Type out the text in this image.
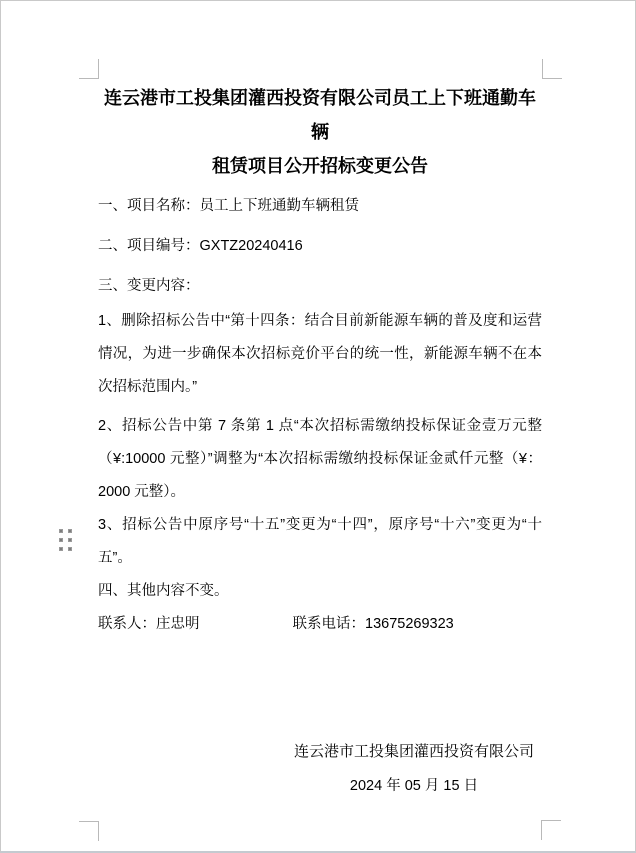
连云港市工投集团灌西投资有限公司员工上下班通勤车辆
租赁项目公开招标变更公告

一、项目名称：员工上下班通勤车辆租赁

二、项目编号：GXTZ20240416

三、变更内容：

1、删除招标公告中“第十四条：结合目前新能源车辆的普及度和运营情况，为进一步确保本次招标竞价平台的统一性，新能源车辆不在本次招标范围内。”

2、招标公告中第 7 条第 1 点“本次招标需缴纳投标保证金壹万元整（¥:10000 元整）”调整为“本次招标需缴纳投标保证金贰仟元整（¥：2000 元整）。

3、招标公告中原序号“十五”变更为“十四”，原序号“十六”变更为“十五”。

四、其他内容不变。

联系人：庄忠明	联系电话：13675269323

连云港市工投集团灌西投资有限公司
2024 年 05 月 15 日
